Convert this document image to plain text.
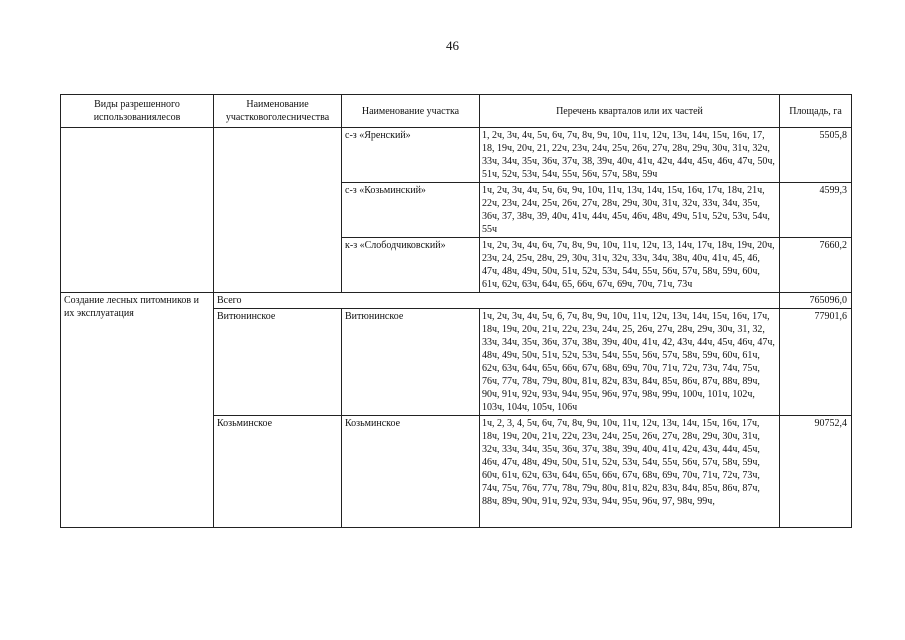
46
Виды разрешенного использованиялесов	Наименование участковоголесничества	Наименование участка	Перечень кварталов или их частей	Площадь, га
		с-з «Яренский»	1, 2ч, 3ч, 4ч, 5ч, 6ч, 7ч, 8ч, 9ч, 10ч, 11ч, 12ч, 13ч, 14ч, 15ч, 16ч, 17, 18, 19ч, 20ч, 21, 22ч, 23ч, 24ч, 25ч, 26ч, 27ч, 28ч, 29ч, 30ч, 31ч, 32ч, 33ч, 34ч, 35ч, 36ч, 37ч, 38, 39ч, 40ч, 41ч, 42ч, 44ч, 45ч, 46ч, 47ч, 50ч, 51ч, 52ч, 53ч, 54ч, 55ч, 56ч, 57ч, 58ч, 59ч	5505,8
		с-з «Козьминский»	1ч, 2ч, 3ч, 4ч, 5ч, 6ч, 9ч, 10ч, 11ч, 13ч, 14ч, 15ч, 16ч, 17ч, 18ч, 21ч, 22ч, 23ч, 24ч, 25ч, 26ч, 27ч, 28ч, 29ч, 30ч, 31ч, 32ч, 33ч, 34ч, 35ч, 36ч, 37, 38ч, 39, 40ч, 41ч, 44ч, 45ч, 46ч, 48ч, 49ч, 51ч, 52ч, 53ч, 54ч, 55ч	4599,3
		к-з «Слободчиковский»	1ч, 2ч, 3ч, 4ч, 6ч, 7ч, 8ч, 9ч, 10ч, 11ч, 12ч, 13, 14ч, 17ч, 18ч, 19ч, 20ч, 23ч, 24, 25ч, 28ч, 29, 30ч, 31ч, 32ч, 33ч, 34ч, 38ч, 40ч, 41ч, 45, 46, 47ч, 48ч, 49ч, 50ч, 51ч, 52ч, 53ч, 54ч, 55ч, 56ч, 57ч, 58ч, 59ч, 60ч, 61ч, 62ч, 63ч, 64ч, 65, 66ч, 67ч, 69ч, 70ч, 71ч, 73ч	7660,2
Создание лесных питомников и их эксплуатация	Всего			765096,0
	Витюнинское	Витюнинское	1ч, 2ч, 3ч, 4ч, 5ч, 6, 7ч, 8ч, 9ч, 10ч, 11ч, 12ч, 13ч, 14ч, 15ч, 16ч, 17ч, 18ч, 19ч, 20ч, 21ч, 22ч, 23ч, 24ч, 25, 26ч, 27ч, 28ч, 29ч, 30ч, 31, 32, 33ч, 34ч, 35ч, 36ч, 37ч, 38ч, 39ч, 40ч, 41ч, 42, 43ч, 44ч, 45ч, 46ч, 47ч, 48ч, 49ч, 50ч, 51ч, 52ч, 53ч, 54ч, 55ч, 56ч, 57ч, 58ч, 59ч, 60ч, 61ч, 62ч, 63ч, 64ч, 65ч, 66ч, 67ч, 68ч, 69ч, 70ч, 71ч, 72ч, 73ч, 74ч, 75ч, 76ч, 77ч, 78ч, 79ч, 80ч, 81ч, 82ч, 83ч, 84ч, 85ч, 86ч, 87ч, 88ч, 89ч, 90ч, 91ч, 92ч, 93ч, 94ч, 95ч, 96ч, 97ч, 98ч, 99ч, 100ч, 101ч, 102ч, 103ч, 104ч, 105ч, 106ч	77901,6
	Козьминское	Козьминское	1ч, 2, 3, 4, 5ч, 6ч, 7ч, 8ч, 9ч, 10ч, 11ч, 12ч, 13ч, 14ч, 15ч, 16ч, 17ч, 18ч, 19ч, 20ч, 21ч, 22ч, 23ч, 24ч, 25ч, 26ч, 27ч, 28ч, 29ч, 30ч, 31ч, 32ч, 33ч, 34ч, 35ч, 36ч, 37ч, 38ч, 39ч, 40ч, 41ч, 42ч, 43ч, 44ч, 45ч, 46ч, 47ч, 48ч, 49ч, 50ч, 51ч, 52ч, 53ч, 54ч, 55ч, 56ч, 57ч, 58ч, 59ч, 60ч, 61ч, 62ч, 63ч, 64ч, 65ч, 66ч, 67ч, 68ч, 69ч, 70ч, 71ч, 72ч, 73ч, 74ч, 75ч, 76ч, 77ч, 78ч, 79ч, 80ч, 81ч, 82ч, 83ч, 84ч, 85ч, 86ч, 87ч, 88ч, 89ч, 90ч, 91ч, 92ч, 93ч, 94ч, 95ч, 96ч, 97, 98ч, 99ч,	90752,4
